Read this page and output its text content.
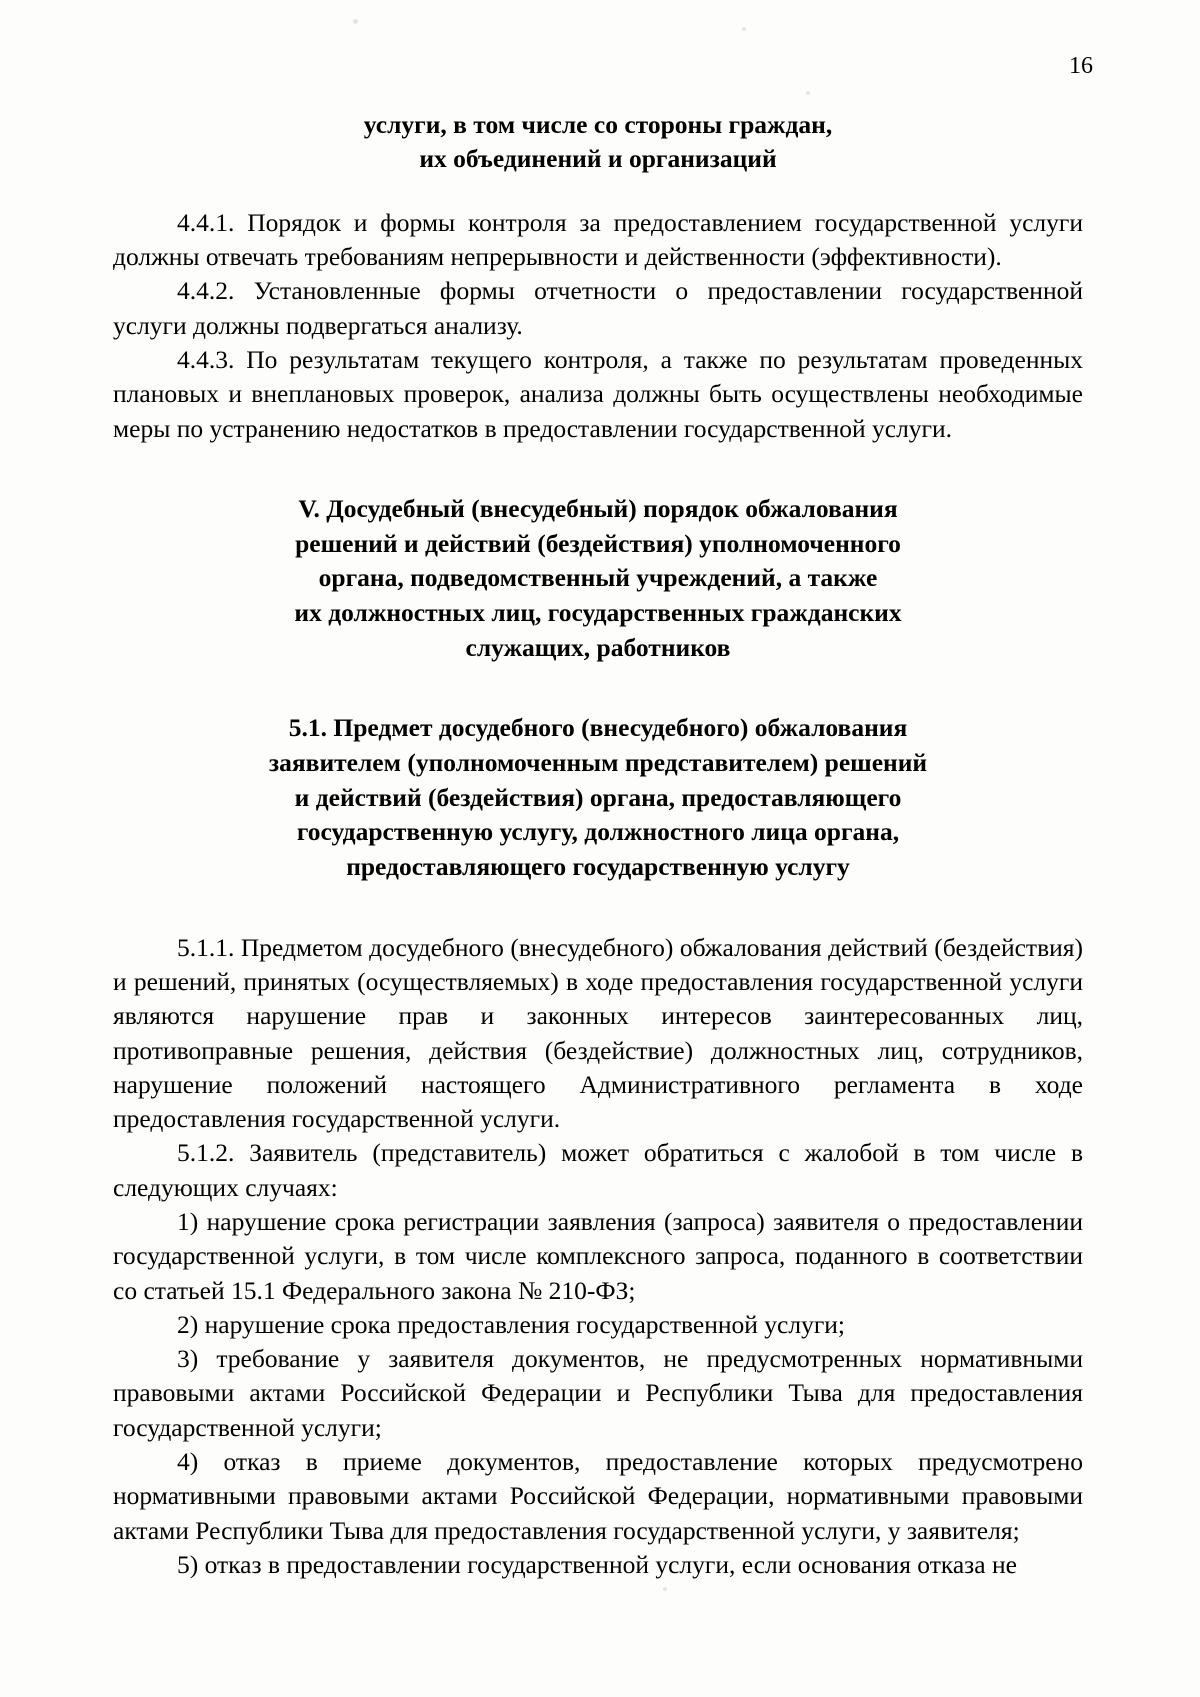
16

услуги, в том числе со стороны граждан,

их объединений и организаций

4.4.1. Порядок и формы контроля за предоставлением государственной услуги должны отвечать требованиям непрерывности и действенности (эффективности).

4.4.2. Установленные формы отчетности о предоставлении государственной услуги должны подвергаться анализу.

4.4.3. По результатам текущего контроля, а также по результатам проведенных плановых и внеплановых проверок, анализа должны быть осуществлены необходимые меры по устранению недостатков в предоставлении государственной услуги.

V. Досудебный (внесудебный) порядок обжалования
решений и действий (бездействия) уполномоченного
органа, подведомственный учреждений, а также
их должностных лиц, государственных гражданских
служащих, работников
5.1. Предмет досудебного (внесудебного) обжалования
заявителем (уполномоченным представителем) решений
и действий (бездействия) органа, предоставляющего
государственную услугу, должностного лица органа,
предоставляющего государственную услугу

5.1.1. Предметом досудебного (внесудебного) обжалования действий (бездействия) и решений, принятых (осуществляемых) в ходе предоставления государственной услуги являются нарушение прав и законных интересов заинтересованных лиц, противоправные решения, действия (бездействие) должностных лиц, сотрудников, нарушение положений настоящего Административного регламента в ходе предоставления государственной услуги.

5.1.2. Заявитель (представитель) может обратиться с жалобой в том числе в следующих случаях:

1) нарушение срока регистрации заявления (запроса) заявителя о предоставлении государственной услуги, в том числе комплексного запроса, поданного в соответствии со статьей 15.1 Федерального закона № 210-ФЗ;

2) нарушение срока предоставления государственной услуги;

3) требование у заявителя документов, не предусмотренных нормативными правовыми актами Российской Федерации и Республики Тыва для предоставления государственной услуги;

4) отказ в приеме документов, предоставление которых предусмотрено нормативными правовыми актами Российской Федерации, нормативными правовыми актами Республики Тыва для предоставления государственной услуги, у заявителя;

5) отказ в предоставлении государственной услуги, если основания отказа не
